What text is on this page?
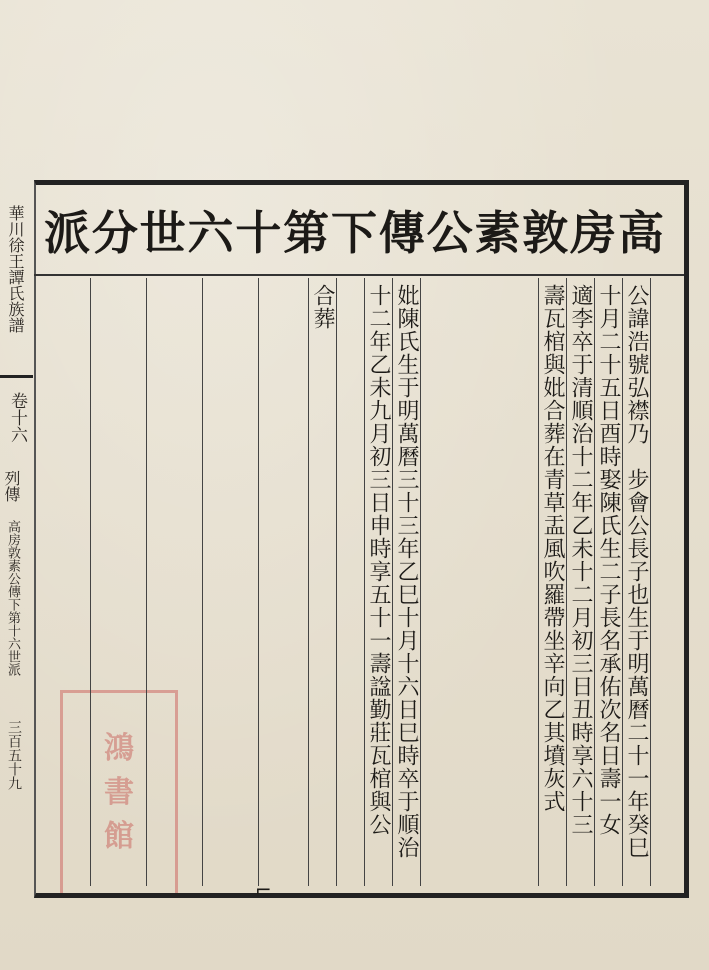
華川徐王譚氏族譜
卷十六
列傳
高房敦素公傳下第十六世派
三百五十九	鴻
書
館
高
房
敦
素
公
傳
下
第
十
六
世
分
派
公諱浩號弘襟乃　步會公長子也生于明萬曆二十一年癸巳
十月二十五日酉時娶陳氏生二子長名承佑次名日壽一女
適李卒于清順治十二年乙未十二月初三日丑時享六十三
壽瓦棺與妣合葬在青草盂風吹羅帶坐辛向乙其墳灰式
妣陳氏生于明萬曆三十三年乙巳十月十六日巳時卒于順治
十二年乙未九月初三日申時享五十一壽諡勤莊瓦棺與公
合葬
⌐
